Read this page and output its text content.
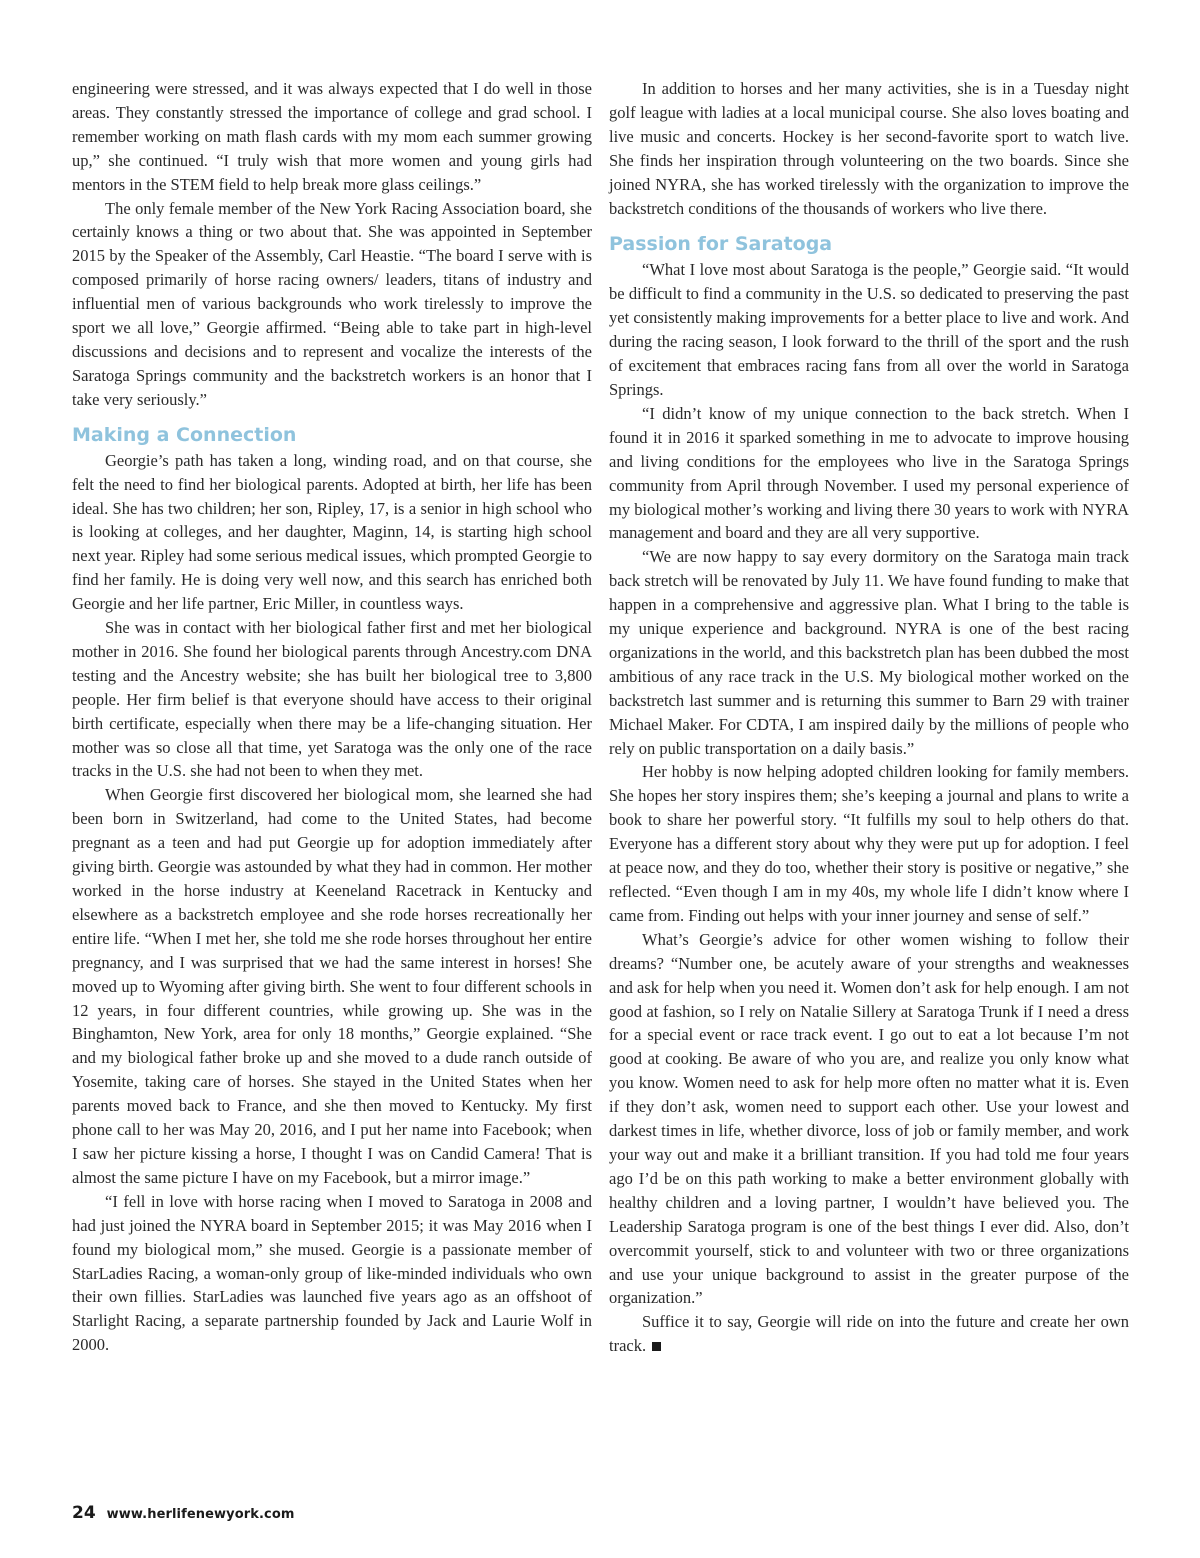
engineering were stressed, and it was always expected that I do well in those areas. They constantly stressed the importance of college and grad school. I remember working on math flash cards with my mom each summer growing up,” she continued. “I truly wish that more women and young girls had mentors in the STEM field to help break more glass ceilings.”

The only female member of the New York Racing Association board, she certainly knows a thing or two about that. She was appointed in September 2015 by the Speaker of the Assembly, Carl Heastie. “The board I serve with is composed primarily of horse racing owners/ leaders, titans of industry and influential men of various backgrounds who work tirelessly to improve the sport we all love,” Georgie affirmed. “Being able to take part in high-level discussions and decisions and to represent and vocalize the interests of the Saratoga Springs community and the backstretch workers is an honor that I take very seriously.”

Making a Connection

Georgie’s path has taken a long, winding road, and on that course, she felt the need to find her biological parents. Adopted at birth, her life has been ideal. She has two children; her son, Ripley, 17, is a senior in high school who is looking at colleges, and her daughter, Maginn, 14, is starting high school next year. Ripley had some serious medical issues, which prompted Georgie to find her family. He is doing very well now, and this search has enriched both Georgie and her life partner, Eric Miller, in countless ways.

She was in contact with her biological father first and met her biological mother in 2016. She found her biological parents through Ancestry.com DNA testing and the Ancestry website; she has built her biological tree to 3,800 people. Her firm belief is that everyone should have access to their original birth certificate, especially when there may be a life-changing situation. Her mother was so close all that time, yet Saratoga was the only one of the race tracks in the U.S. she had not been to when they met.

When Georgie first discovered her biological mom, she learned she had been born in Switzerland, had come to the United States, had become pregnant as a teen and had put Georgie up for adoption immediately after giving birth. Georgie was astounded by what they had in common. Her mother worked in the horse industry at Keeneland Racetrack in Kentucky and elsewhere as a backstretch employee and she rode horses recreationally her entire life. “When I met her, she told me she rode horses throughout her entire pregnancy, and I was surprised that we had the same interest in horses! She moved up to Wyoming after giving birth. She went to four different schools in 12 years, in four different countries, while growing up. She was in the Binghamton, New York, area for only 18 months,” Georgie explained. “She and my biological father broke up and she moved to a dude ranch outside of Yosemite, taking care of horses. She stayed in the United States when her parents moved back to France, and she then moved to Kentucky. My first phone call to her was May 20, 2016, and I put her name into Facebook; when I saw her picture kissing a horse, I thought I was on Candid Camera! That is almost the same picture I have on my Facebook, but a mirror image.”

“I fell in love with horse racing when I moved to Saratoga in 2008 and had just joined the NYRA board in September 2015; it was May 2016 when I found my biological mom,” she mused. Georgie is a passionate member of StarLadies Racing, a woman-only group of like-minded individuals who own their own fillies. StarLadies was launched five years ago as an offshoot of Starlight Racing, a separate partnership founded by Jack and Laurie Wolf in 2000.

In addition to horses and her many activities, she is in a Tuesday night golf league with ladies at a local municipal course. She also loves boating and live music and concerts. Hockey is her second-favorite sport to watch live. She finds her inspiration through volunteering on the two boards. Since she joined NYRA, she has worked tirelessly with the organization to improve the backstretch conditions of the thousands of workers who live there.

Passion for Saratoga

“What I love most about Saratoga is the people,” Georgie said. “It would be difficult to find a community in the U.S. so dedicated to preserving the past yet consistently making improvements for a better place to live and work. And during the racing season, I look forward to the thrill of the sport and the rush of excitement that embraces racing fans from all over the world in Saratoga Springs.

“I didn’t know of my unique connection to the back stretch. When I found it in 2016 it sparked something in me to advocate to improve housing and living conditions for the employees who live in the Saratoga Springs community from April through November. I used my personal experience of my biological mother’s working and living there 30 years to work with NYRA management and board and they are all very supportive.

“We are now happy to say every dormitory on the Saratoga main track back stretch will be renovated by July 11. We have found funding to make that happen in a comprehensive and aggressive plan. What I bring to the table is my unique experience and background. NYRA is one of the best racing organizations in the world, and this backstretch plan has been dubbed the most ambitious of any race track in the U.S. My biological mother worked on the backstretch last summer and is returning this summer to Barn 29 with trainer Michael Maker. For CDTA, I am inspired daily by the millions of people who rely on public transportation on a daily basis.”

Her hobby is now helping adopted children looking for family members. She hopes her story inspires them; she’s keeping a journal and plans to write a book to share her powerful story. “It fulfills my soul to help others do that. Everyone has a different story about why they were put up for adoption. I feel at peace now, and they do too, whether their story is positive or negative,” she reflected. “Even though I am in my 40s, my whole life I didn’t know where I came from. Finding out helps with your inner journey and sense of self.”

What’s Georgie’s advice for other women wishing to follow their dreams? “Number one, be acutely aware of your strengths and weaknesses and ask for help when you need it. Women don’t ask for help enough. I am not good at fashion, so I rely on Natalie Sillery at Saratoga Trunk if I need a dress for a special event or race track event. I go out to eat a lot because I’m not good at cooking. Be aware of who you are, and realize you only know what you know. Women need to ask for help more often no matter what it is. Even if they don’t ask, women need to support each other. Use your lowest and darkest times in life, whether divorce, loss of job or family member, and work your way out and make it a brilliant transition. If you had told me four years ago I’d be on this path working to make a better environment globally with healthy children and a loving partner, I wouldn’t have believed you. The Leadership Saratoga program is one of the best things I ever did. Also, don’t overcommit yourself, stick to and volunteer with two or three organizations and use your unique background to assist in the greater purpose of the organization.”

Suffice it to say, Georgie will ride on into the future and create her own track.

24 www.herlifenewyork.com
